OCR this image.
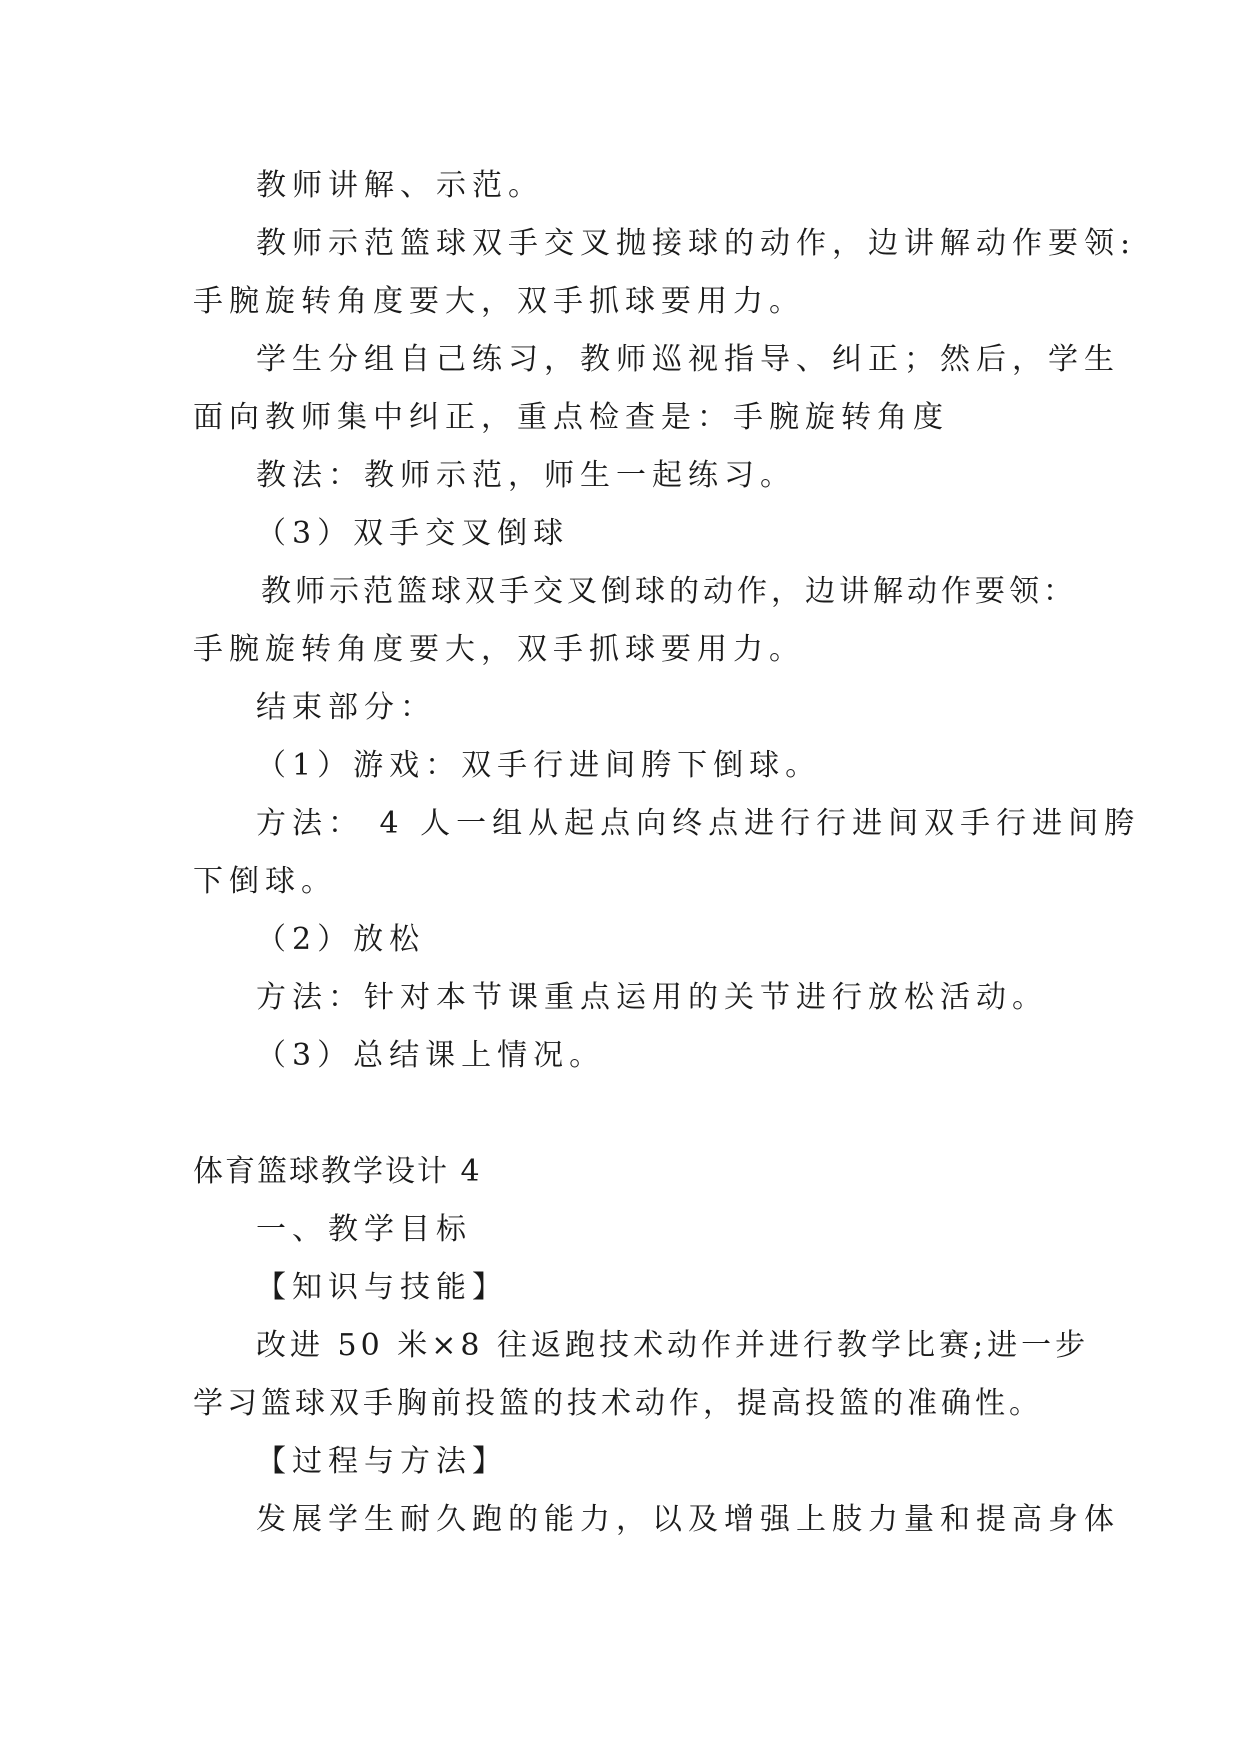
教师讲解、示范。
教师示范篮球双手交叉抛接球的动作，边讲解动作要领:
手腕旋转角度要大，双手抓球要用力。
学生分组自己练习，教师巡视指导、纠正；然后，学生
面向教师集中纠正，重点检查是：手腕旋转角度
教法：教师示范，师生一起练习。
（3）双手交叉倒球
教师示范篮球双手交叉倒球的动作，边讲解动作要领：
手腕旋转角度要大，双手抓球要用力。
结束部分：
（1）游戏：双手行进间胯下倒球。
方法： 4 人一组从起点向终点进行行进间双手行进间胯
下倒球。
（2）放松
方法：针对本节课重点运用的关节进行放松活动。
（3）总结课上情况。
体育篮球教学设计 4
一、教学目标
【知识与技能】
改进 50 米×8 往返跑技术动作并进行教学比赛;进一步
学习篮球双手胸前投篮的技术动作，提高投篮的准确性。
【过程与方法】
发展学生耐久跑的能力，以及增强上肢力量和提高身体
